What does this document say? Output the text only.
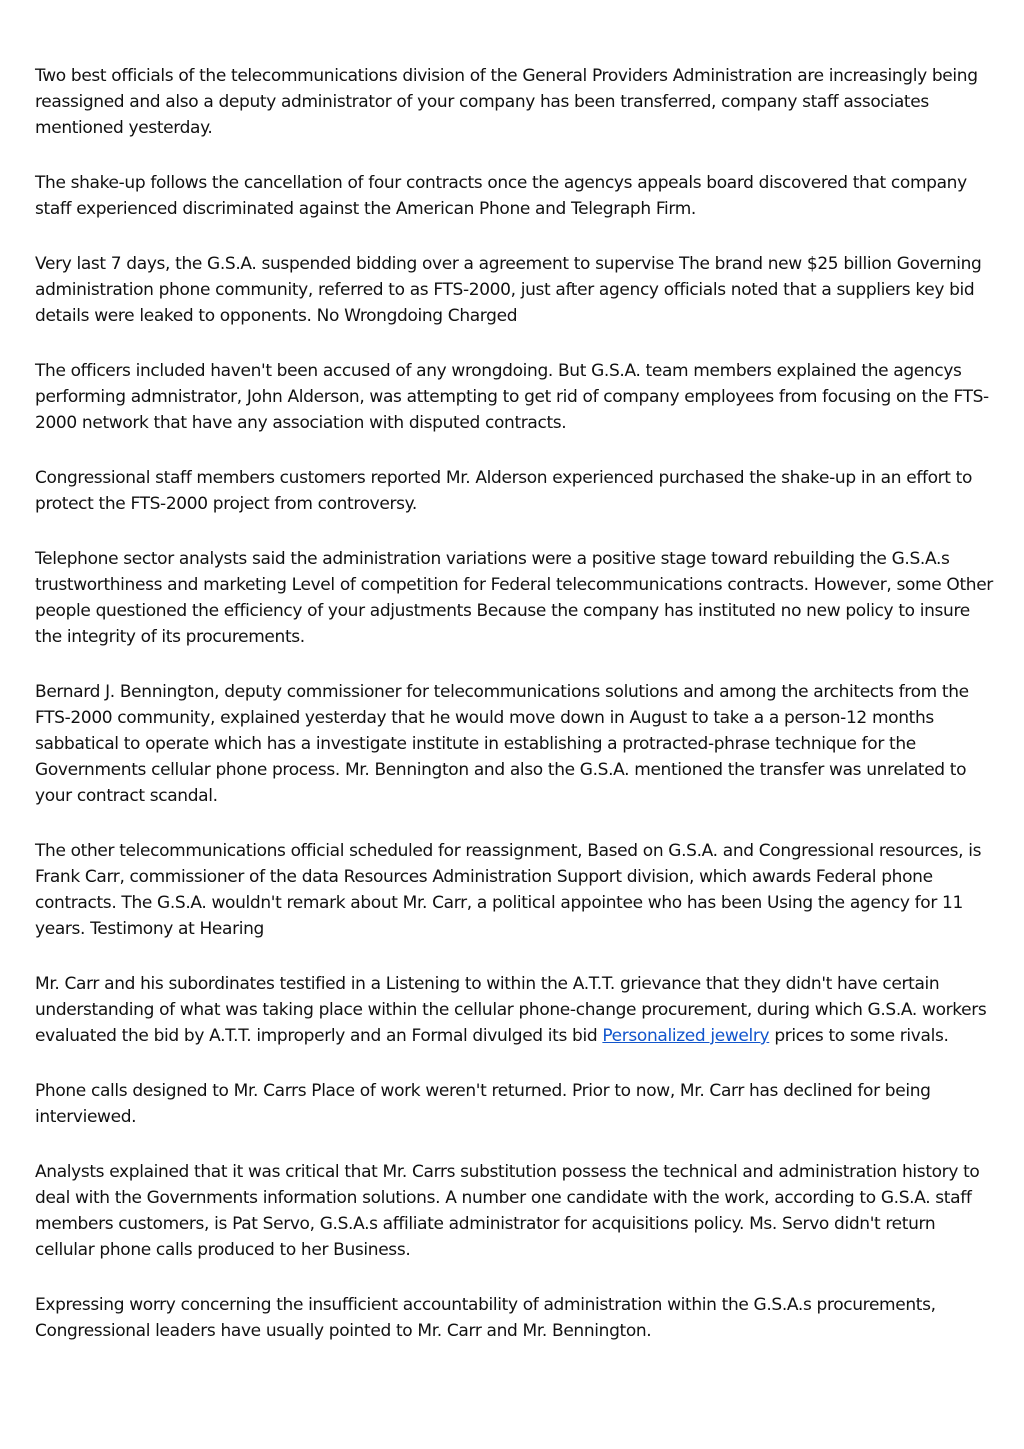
Two best officials of the telecommunications division of the General Providers Administration are increasingly being reassigned and also a deputy administrator of your company has been transferred, company staff associates mentioned yesterday.

The shake-up follows the cancellation of four contracts once the agencys appeals board discovered that company staff experienced discriminated against the American Phone and Telegraph Firm.

Very last 7 days, the G.S.A. suspended bidding over a agreement to supervise The brand new $25 billion Governing administration phone community, referred to as FTS-2000, just after agency officials noted that a suppliers key bid details were leaked to opponents. No Wrongdoing Charged

The officers included haven't been accused of any wrongdoing. But G.S.A. team members explained the agencys performing admnistrator, John Alderson, was attempting to get rid of company employees from focusing on the FTS-2000 network that have any association with disputed contracts.

Congressional staff members customers reported Mr. Alderson experienced purchased the shake-up in an effort to protect the FTS-2000 project from controversy.

Telephone sector analysts said the administration variations were a positive stage toward rebuilding the G.S.A.s trustworthiness and marketing Level of competition for Federal telecommunications contracts. However, some Other people questioned the efficiency of your adjustments Because the company has instituted no new policy to insure the integrity of its procurements.

Bernard J. Bennington, deputy commissioner for telecommunications solutions and among the architects from the FTS-2000 community, explained yesterday that he would move down in August to take a a person-12 months sabbatical to operate which has a investigate institute in establishing a protracted-phrase technique for the Governments cellular phone process. Mr. Bennington and also the G.S.A. mentioned the transfer was unrelated to your contract scandal.

The other telecommunications official scheduled for reassignment, Based on G.S.A. and Congressional resources, is Frank Carr, commissioner of the data Resources Administration Support division, which awards Federal phone contracts. The G.S.A. wouldn't remark about Mr. Carr, a political appointee who has been Using the agency for 11 years. Testimony at Hearing

Mr. Carr and his subordinates testified in a Listening to within the A.T.T. grievance that they didn't have certain understanding of what was taking place within the cellular phone-change procurement, during which G.S.A. workers evaluated the bid by A.T.T. improperly and an Formal divulged its bid Personalized jewelry prices to some rivals.

Phone calls designed to Mr. Carrs Place of work weren't returned. Prior to now, Mr. Carr has declined for being interviewed.

Analysts explained that it was critical that Mr. Carrs substitution possess the technical and administration history to deal with the Governments information solutions. A number one candidate with the work, according to G.S.A. staff members customers, is Pat Servo, G.S.A.s affiliate administrator for acquisitions policy. Ms. Servo didn't return cellular phone calls produced to her Business.

Expressing worry concerning the insufficient accountability of administration within the G.S.A.s procurements, Congressional leaders have usually pointed to Mr. Carr and Mr. Bennington.
